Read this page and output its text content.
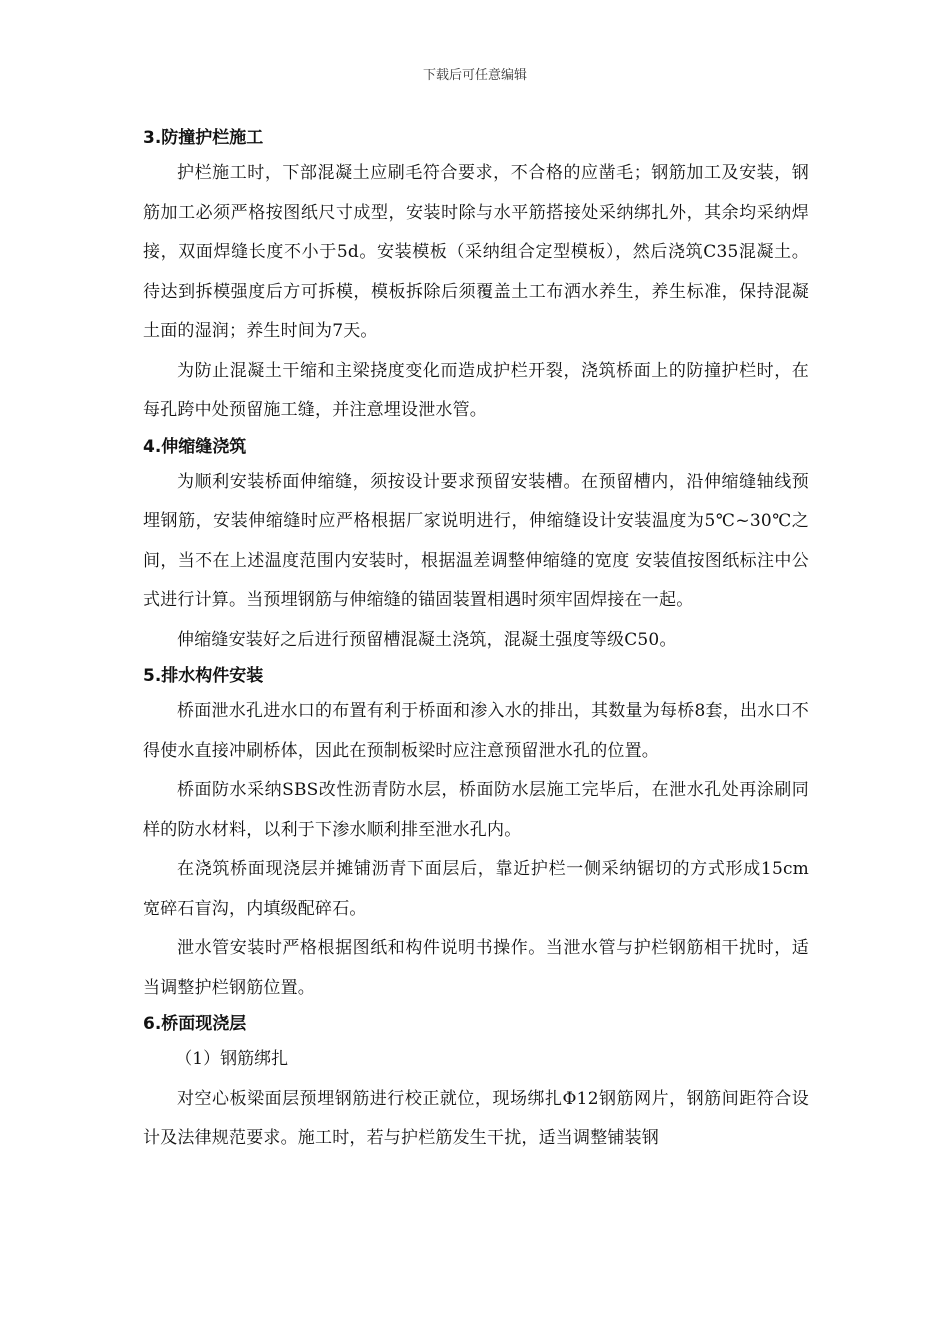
下载后可任意编辑

3.防撞护栏施工

护栏施工时，下部混凝土应刷毛符合要求，不合格的应凿毛；钢筋加工及安装，钢筋加工必须严格按图纸尺寸成型，安装时除与水平筋搭接处采纳绑扎外，其余均采纳焊接，双面焊缝长度不小于5d。安装模板（采纳组合定型模板），然后浇筑C35混凝土。待达到拆模强度后方可拆模，模板拆除后须覆盖土工布洒水养生，养生标准，保持混凝土面的湿润；养生时间为7天。

为防止混凝土干缩和主梁挠度变化而造成护栏开裂，浇筑桥面上的防撞护栏时，在每孔跨中处预留施工缝，并注意埋设泄水管。

4.伸缩缝浇筑

为顺利安装桥面伸缩缝，须按设计要求预留安装槽。在预留槽内，沿伸缩缝轴线预埋钢筋，安装伸缩缝时应严格根据厂家说明进行，伸缩缝设计安装温度为5℃~30℃之间，当不在上述温度范围内安装时，根据温差调整伸缩缝的宽度 安装值按图纸标注中公式进行计算。当预埋钢筋与伸缩缝的锚固装置相遇时须牢固焊接在一起。

伸缩缝安装好之后进行预留槽混凝土浇筑，混凝土强度等级C50。

5.排水构件安装

桥面泄水孔进水口的布置有利于桥面和渗入水的排出，其数量为每桥8套，出水口不得使水直接冲刷桥体，因此在预制板梁时应注意预留泄水孔的位置。

桥面防水采纳SBS改性沥青防水层，桥面防水层施工完毕后，在泄水孔处再涂刷同样的防水材料，以利于下渗水顺利排至泄水孔内。

在浇筑桥面现浇层并摊铺沥青下面层后，靠近护栏一侧采纳锯切的方式形成15cm宽碎石盲沟，内填级配碎石。

泄水管安装时严格根据图纸和构件说明书操作。当泄水管与护栏钢筋相干扰时，适当调整护栏钢筋位置。

6.桥面现浇层

（1）钢筋绑扎

对空心板梁面层预埋钢筋进行校正就位，现场绑扎Φ12钢筋网片，钢筋间距符合设计及法律规范要求。施工时，若与护栏筋发生干扰，适当调整铺装钢
